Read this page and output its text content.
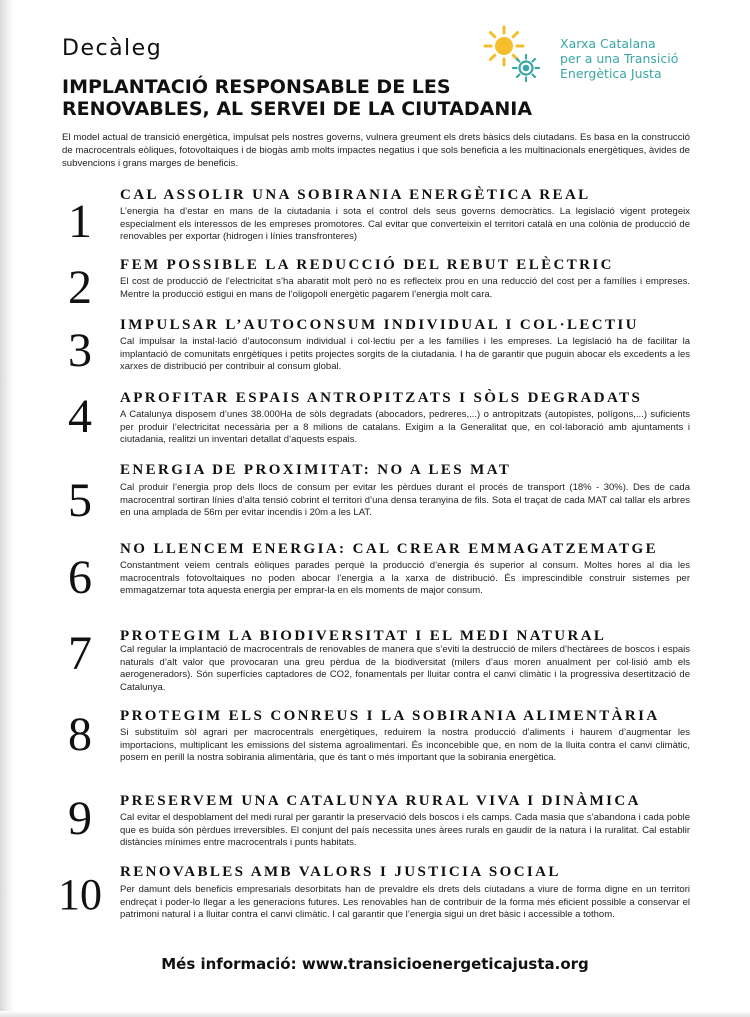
Decàleg
IMPLANTACIÓ RESPONSABLE DE LES
RENOVABLES, AL SERVEI DE LA CIUTADANIA
Xarxa Catalana
per a una Transició
Energètica Justa

El model actual de transició energètica, impulsat pels nostres governs, vulnera greument els drets bàsics dels ciutadans. Es basa en la construcció de macrocentrals eòliques, fotovoltaiques i de biogàs amb molts impactes negatius i que sols beneficia a les multinacionals energètiques, àvides de subvencions i grans marges de beneficis.

1	CAL ASSOLIR UNA SOBIRANIA ENERGÈTICA REAL

L’energia ha d’estar en mans de la ciutadania i sota el control dels seus governs democràtics. La legislació vigent protegeix especialment els interessos de les empreses promotores. Cal evitar que converteixin el territori català en una colònia de producció de renovables per exportar (hidrogen i línies transfronteres)

2	FEM POSSIBLE LA REDUCCIÓ DEL REBUT ELÈCTRIC

El cost de producció de l’electricitat s’ha abaratit molt però no es reflecteix prou en una reducció del cost per a famílies i empreses. Mentre la producció estigui en mans de l’oligopoli energètic pagarem l’energia molt cara.

3	IMPULSAR L’AUTOCONSUM INDIVIDUAL I COL·LECTIU

Cal impulsar la instal·lació d’autoconsum individual i col·lectiu per a les famílies i les empreses. La legislació ha de facilitar la implantació de comunitats enrgètiques i petits projectes sorgits de la ciutadania. I ha de garantir que puguin abocar els excedents a les xarxes de distribució per contribuir al consum global.

4	APROFITAR ESPAIS ANTROPITZATS I SÒLS DEGRADATS

A Catalunya disposem d’unes 38.000Ha de sòls degradats (abocadors, pedreres,...) o antropitzats (autopistes, polígons,...) suficients per produir l’electricitat necessària per a 8 milions de catalans. Exigim a la Generalitat que, en col·laboració amb ajuntaments i ciutadania, realitzi un inventari detallat d’aquests espais.

5
ENERGIA DE PROXIMITAT: NO A LES MAT

Cal produir l’energia prop dels llocs de consum per evitar les pèrdues durant el procés de transport (18% - 30%). Des de cada macrocentral sortiran línies d’alta tensió cobrint el territori d’una densa teranyina de fils. Sota el traçat de cada MAT cal tallar els arbres en una amplada de 56m per evitar incendis i 20m a les LAT.

6
NO LLENCEM ENERGIA: CAL CREAR EMMAGATZEMATGE

Constantment veiem centrals eòliques parades perquè la producció d’energia és superior al consum. Moltes hores al dia les macrocentrals fotovoltaiques no poden abocar l’energia a la xarxa de distribució. És imprescindible construir sistemes per emmagatzemar tota aquesta energia per emprar-la en els moments de major consum.

7	PROTEGIM LA BIODIVERSITAT I EL MEDI NATURAL

Cal regular la implantació de macrocentrals de renovables de manera que s’eviti la destrucció de milers d’hectàrees de boscos i espais naturals d’alt valor que provocaran una greu pèrdua de la biodiversitat (milers d’aus moren anualment per col·lisió amb els aerogeneradors). Són superfícies captadores de CO2, fonamentals per lluitar contra el canvi climàtic i la progressiva desertització de Catalunya.

8	PROTEGIM ELS CONREUS I LA SOBIRANIA ALIMENTÀRIA

Si substituïm sòl agrari per macrocentrals energètiques, reduirem la nostra producció d’aliments i haurem d’augmentar les importacions, multiplicant les emissions del sistema agroalimentari. És inconcebible que, en nom de la lluita contra el canvi climàtic, posem en perill la nostra sobirania alimentària, que és tant o més important que la sobirania energètica.

9	PRESERVEM UNA CATALUNYA RURAL VIVA I DINÀMICA

Cal evitar el despoblament del medi rural per garantir la preservació dels boscos i els camps. Cada masia que s’abandona i cada poble que es buida són pèrdues irreversibles. El conjunt del país necessita unes àrees rurals en gaudir de la natura i la ruralitat. Cal establir distàncies mínimes entre macrocentrals i punts habitats.

10	RENOVABLES AMB VALORS I JUSTICIA SOCIAL

Per damunt dels beneficis empresarials desorbitats han de prevaldre els drets dels ciutadans a viure de forma digne en un territori endreçat i poder-lo llegar a les generacions futures. Les renovables han de contribuir de la forma més eficient possible a conservar el patrimoni natural i a lluitar contra el canvi climàtic. I cal garantir que l’energia sigui un dret bàsic i accessible a tothom.

Més informació: www.transicioenergeticajusta.org
